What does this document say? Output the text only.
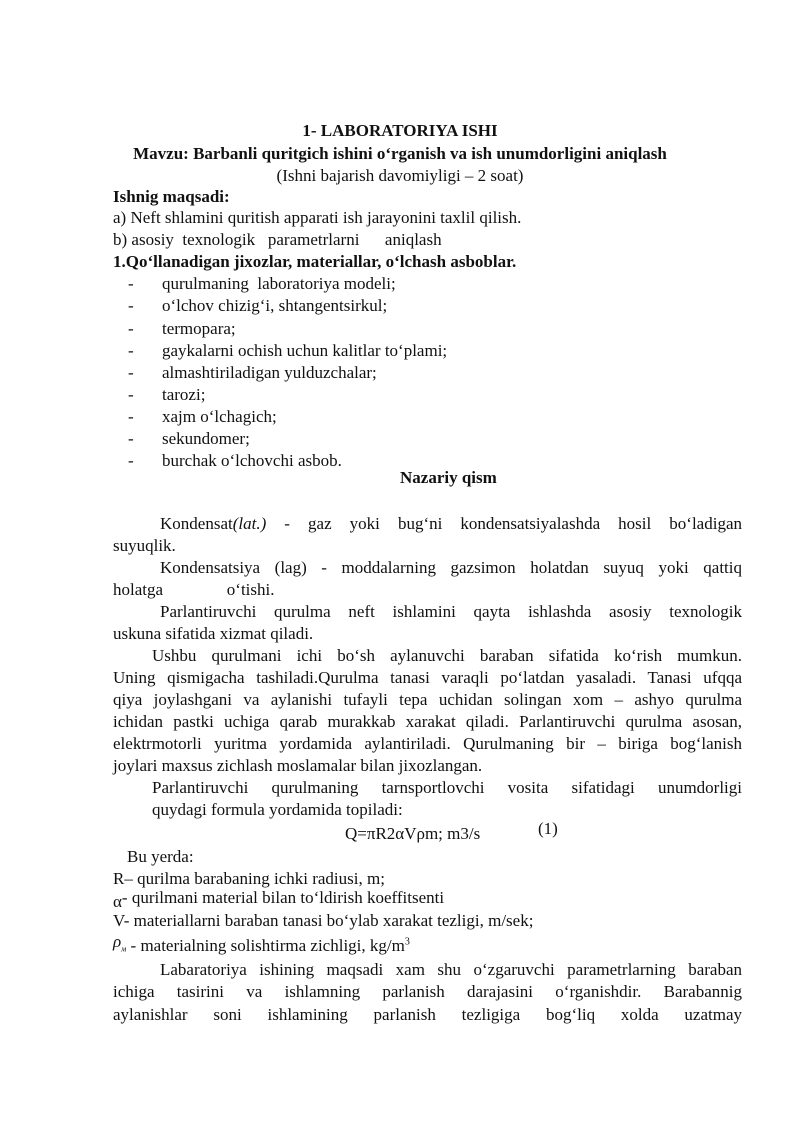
1- LABORATORIYA ISHI
Mavzu: Barbanli quritgich ishini o‘rganish va ish unumdorligini aniqlash
(Ishni bajarish davomiyligi – 2 soat)
Ishnig maqsadi:
a) Neft shlamini quritish apparati ish jarayonini taxlil qilish.
b) asosiy  texnologik   parametrlarni      aniqlash
1.Qo‘llanadigan jixozlar, materiallar, o‘lchash asboblar.
- qurulmaning  laboratoriya modeli;
- o‘lchov chizig‘i, shtangentsirkul;
- termopara;
- gaykalarni ochish uchun kalitlar to‘plami;
- almashtiriladigan yulduzchalar;
- tarozi;
- xajm o‘lchagich;
- sekundomer;
- burchak o‘lchovchi asbob.
Nazariy qism
Kondensat(lat.) - gaz yoki bug‘ni kondensatsiyalashda hosil bo‘ladigan
suyuqlik.
Kondensatsiya (lag) - moddalarning gazsimon holatdan suyuq yoki qattiq
holatga               o‘tishi.
Parlantiruvchi qurulma neft ishlamini qayta ishlashda asosiy texnologik
uskuna sifatida xizmat qiladi.
Ushbu qurulmani ichi bo‘sh aylanuvchi baraban sifatida ko‘rish mumkun.
Uning qismigacha tashiladi.Qurulma tanasi varaqli po‘latdan yasaladi. Tanasi ufqqa
qiya joylashgani va aylanishi tufayli tepa uchidan solingan xom – ashyo qurulma
ichidan pastki uchiga qarab murakkab xarakat qiladi. Parlantiruvchi qurulma asosan,
elektrmotorli yuritma yordamida aylantiriladi. Qurulmaning bir – biriga bog‘lanish
joylari maxsus zichlash moslamalar bilan jixozlangan.
Parlantiruvchi qurulmaning tarnsportlovchi vosita sifatidagi unumdorligi
quydagi formula yordamida topiladi:
Q=πR2αVρm; m3/s	(1)
Bu yerda:
R– qurilma barabaning ichki radiusi, m;
α- qurilmani material bilan to‘ldirish koeffitsenti
V- materiallarni baraban tanasi bo‘ylab xarakat tezligi, m/sek;
$\rho_м$ - materialning solishtirma zichligi, $kg/m^3$
Labaratoriya ishining maqsadi xam shu o‘zgaruvchi parametrlarning baraban
ichiga tasirini va ishlamning parlanish darajasini o‘rganishdir. Barabannig
aylanishlar soni ishlamining parlanish tezligiga bog‘liq xolda uzatmay
